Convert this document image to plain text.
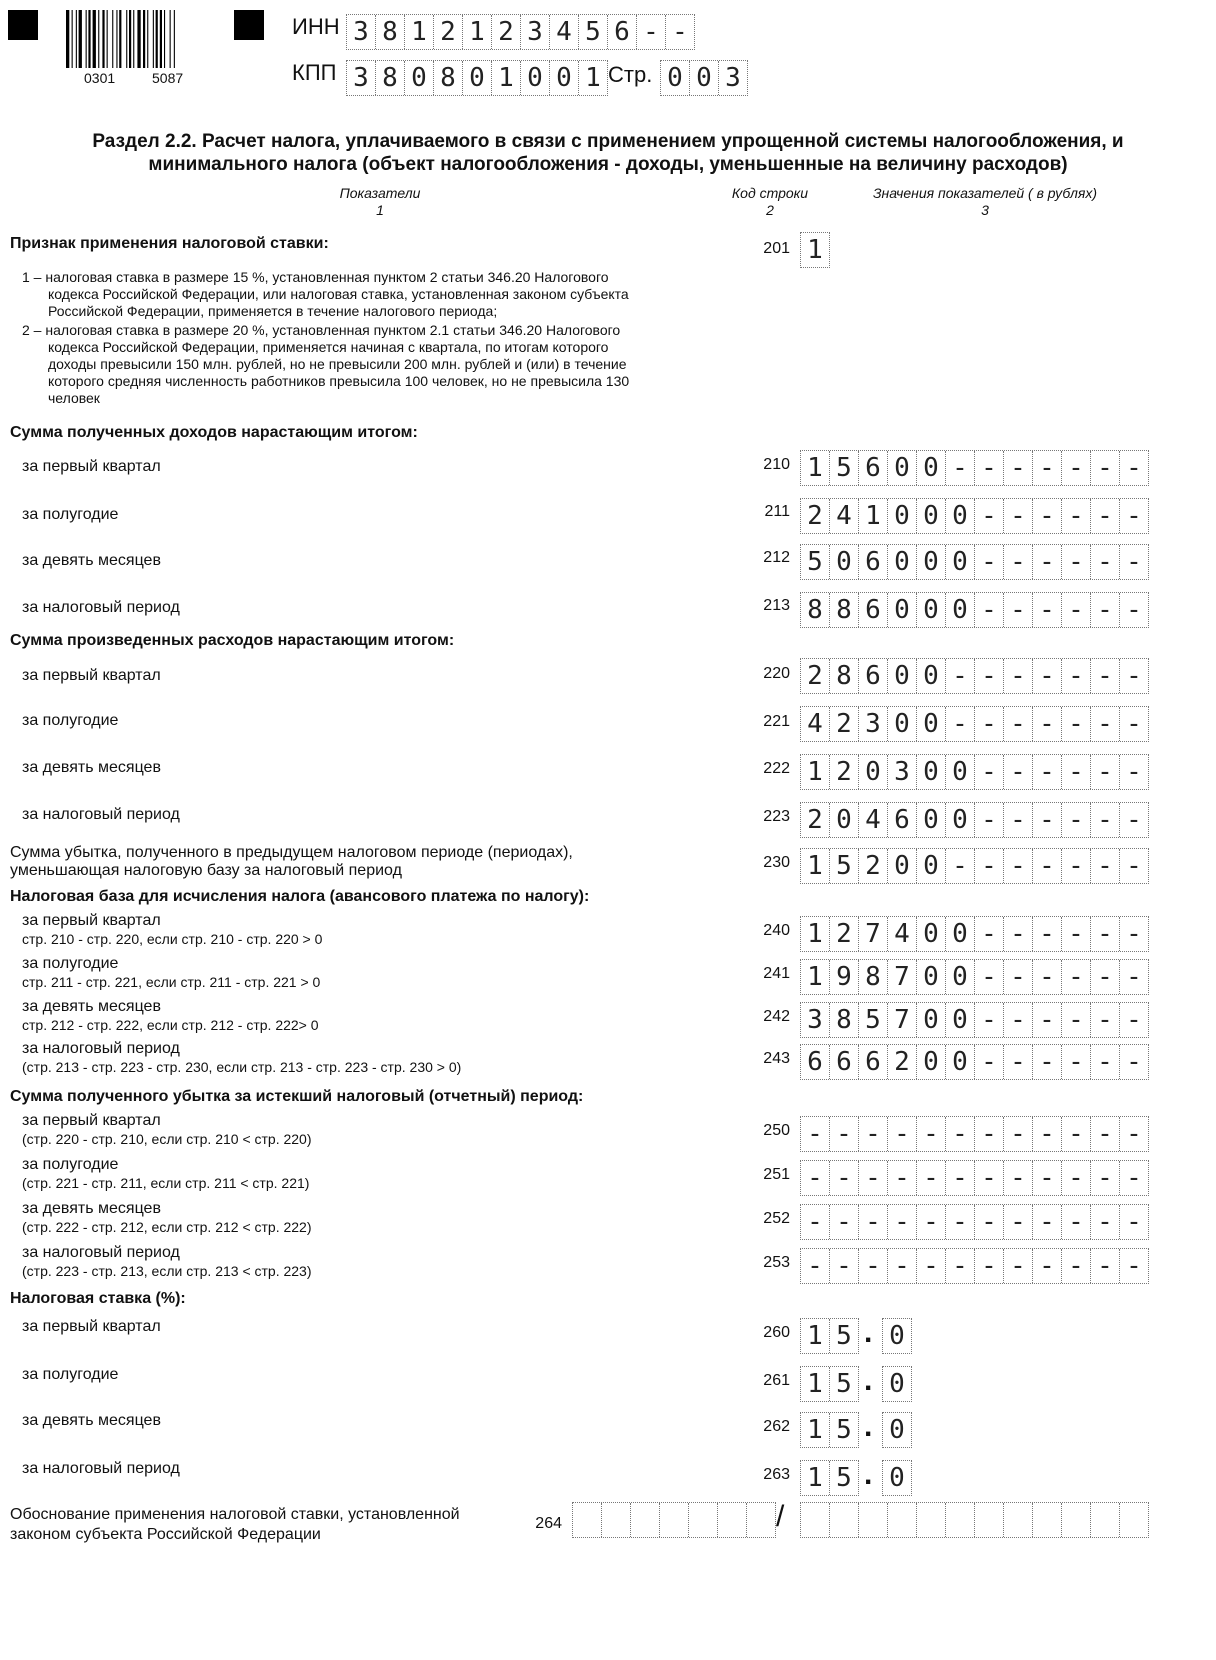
0301	5087
ИНН 3 8 1 2 1 2 3 4 5 6 - -
КПП 3 8 0 8 0 1 0 0 1 Стр. 0 0 3
Раздел 2.2. Расчет налога, уплачиваемого в связи с применением упрощенной системы налогообложения, и
минимального налога (объект налогообложения - доходы, уменьшенные на величину расходов)
Показатели
1
Код строки
2
Значения показателей ( в рублях)
3
Признак применения налоговой ставки:	201 1
1 – налоговая ставка в размере 15 %, установленная пунктом 2 статьи 346.20 Налогового
кодекса Российской Федерации, или налоговая ставка, установленная законом субъекта
Российской Федерации, применяется в течение налогового периода;
2 – налоговая ставка в размере 20 %, установленная пунктом 2.1 статьи 346.20 Налогового
кодекса Российской Федерации, применяется начиная с квартала, по итогам которого
доходы превысили 150 млн. рублей, но не превысили 200 млн. рублей и (или) в течение
которого средняя численность работников превысила 100 человек, но не превысила 130
человек
Сумма полученных доходов нарастающим итогом:
за первый квартал	210 1 5 6 0 0 - - - - - - -
за полугодие	211 2 4 1 0 0 0 - - - - - -
за девять месяцев	212 5 0 6 0 0 0 - - - - - -
за налоговый период	213 8 8 6 0 0 0 - - - - - -
Сумма произведенных расходов нарастающим итогом:
за первый квартал	220 2 8 6 0 0 - - - - - - -
за полугодие	221 4 2 3 0 0 - - - - - - -
за девять месяцев	222 1 2 0 3 0 0 - - - - - -
за налоговый период	223 2 0 4 6 0 0 - - - - - -
Сумма убытка, полученного в предыдущем налоговом периоде (периодах),
уменьшающая налоговую базу за налоговый период	230 1 5 2 0 0 - - - - - - -
Налоговая база для исчисления налога (авансового платежа по налогу):
за первый квартал
стр. 210 - стр. 220, если стр. 210 - стр. 220 > 0	240 1 2 7 4 0 0 - - - - - -
за полугодие
стр. 211 - стр. 221, если стр. 211 - стр. 221 > 0	241 1 9 8 7 0 0 - - - - - -
за девять месяцев
стр. 212 - стр. 222, если стр. 212 - стр. 222> 0	242 3 8 5 7 0 0 - - - - - -
за налоговый период
(стр. 213 - стр. 223 - стр. 230, если стр. 213 - стр. 223 - стр. 230 > 0)	243 6 6 6 2 0 0 - - - - - -
за первый квартал
(стр. 220 - стр. 210, если стр. 210 < стр. 220)	250 - - - - - - - - - - - -
за полугодие
(стр. 221 - стр. 211, если стр. 211 < стр. 221)	251 - - - - - - - - - - - -
за девять месяцев
(стр. 222 - стр. 212, если стр. 212 < стр. 222)	252 - - - - - - - - - - - -
за налоговый период
(стр. 223 - стр. 213, если стр. 213 < стр. 223)	253 - - - - - - - - - - - -
за первый квартал	260 1 5 . 0
за полугодие	261 1 5 . 0
за девять месяцев	262 1 5 . 0
за налоговый период	263 1 5 . 0
Сумма полученного убытка за истекший налоговый (отчетный) период:
Налоговая ставка (%):
Обоснование применения налоговой ставки, установленной
законом субъекта Российской Федерации
264	/
